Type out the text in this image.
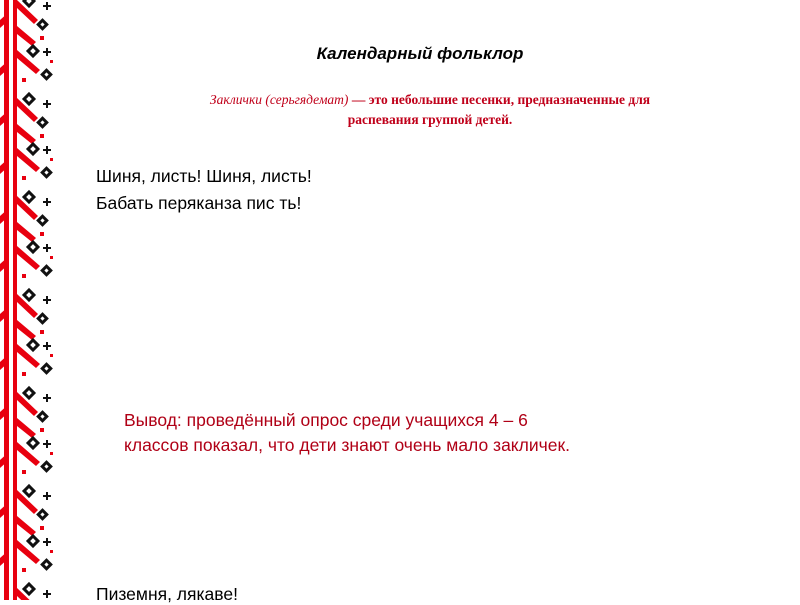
Календарный фольклор
Заклички (серьгядемат) — это небольшие песенки, предназначенные для
распевания группой детей.
Шиня, листь! Шиня, листь!
Бабать перяканза пис ть!
Вывод: проведённый опрос среди учащихся 4 – 6
классов показал, что дети знают очень мало закличек.
Пиземня, лякаве!
